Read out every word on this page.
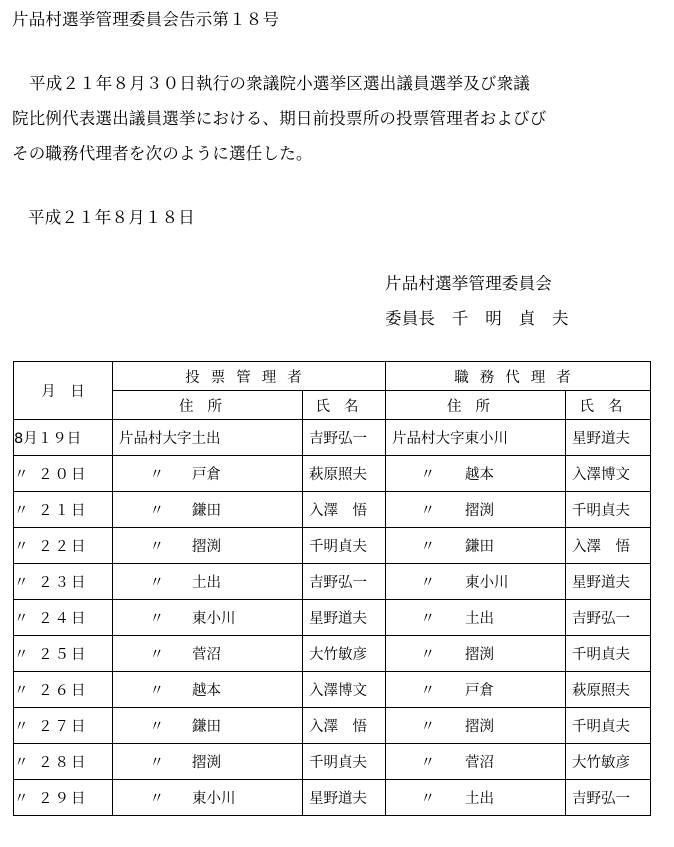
片品村選挙管理委員会告示第１８号
平成２１年８月３０日執行の衆議院小選挙区選出議員選挙及び衆議
院比例代表選出議員選挙における、期日前投票所の投票管理者およびび
その職務代理者を次のように選任した。
平成２１年８月１８日
片品村選挙管理委員会
委員長　千　明　貞　夫
月　日	投票管理者		職務代理者	
	住所	氏名	住所	氏名
8月１９日	片品村大字土出	吉野弘一	片品村大字東小川	星野道夫
〃 ２０日	〃 戸倉	萩原照夫	〃 越本	入澤博文
〃 ２１日	〃 鎌田	入澤　悟	〃 摺渕	千明貞夫
〃 ２２日	〃 摺渕	千明貞夫	〃 鎌田	入澤　悟
〃 ２３日	〃 土出	吉野弘一	〃 東小川	星野道夫
〃 ２４日	〃 東小川	星野道夫	〃 土出	吉野弘一
〃 ２５日	〃 菅沼	大竹敏彦	〃 摺渕	千明貞夫
〃 ２６日	〃 越本	入澤博文	〃 戸倉	萩原照夫
〃 ２７日	〃 鎌田	入澤　悟	〃 摺渕	千明貞夫
〃 ２８日	〃 摺渕	千明貞夫	〃 菅沼	大竹敏彦
〃 ２９日	〃 東小川	星野道夫	〃 土出	吉野弘一
